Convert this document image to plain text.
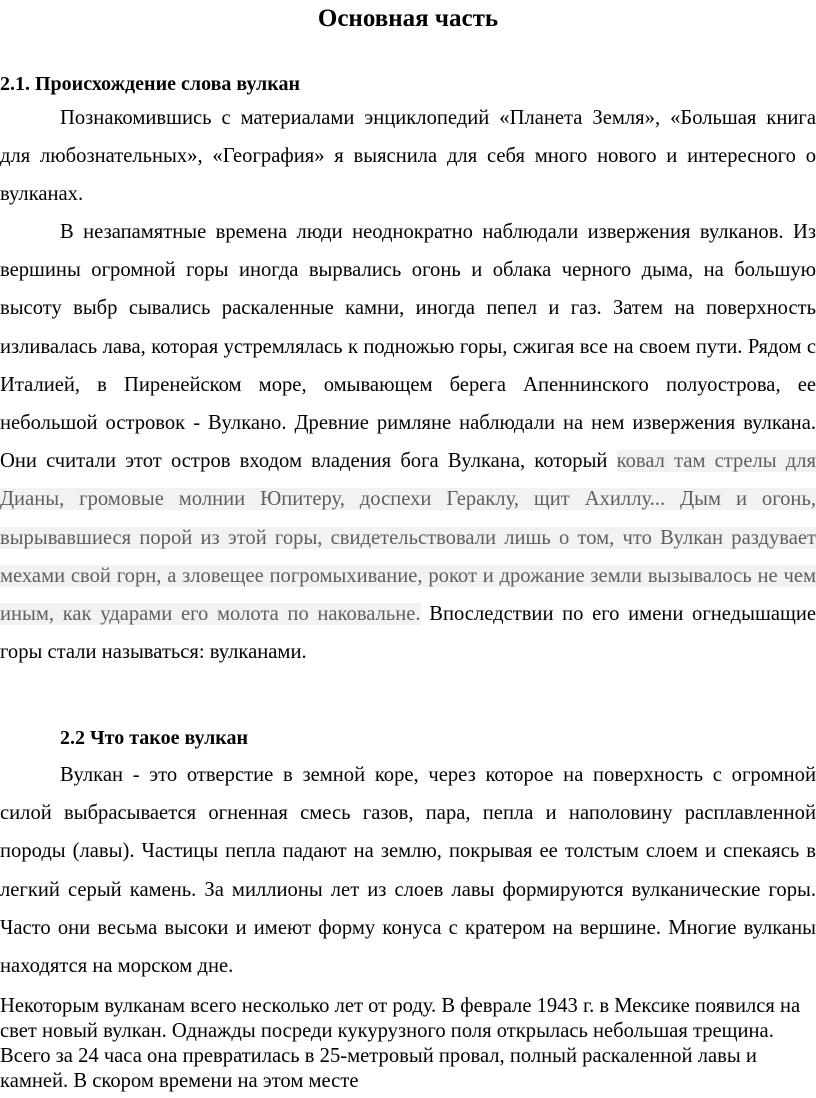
Основная часть
2.1. Происхождение слова вулкан

Познакомившись с материалами энциклопедий «Планета Земля», «Большая книга для любознательных», «География» я выяснила для себя много нового и интересного о вулканах.

В незапамятные времена люди неоднократно наблюдали извержения вулканов. Из вершины огромной горы иногда вырвались огонь и облака черного дыма, на большую высоту выбр сывались раскаленные камни, иногда пепел и газ. Затем на поверхность изливалась лава, которая устремлялась к подножью горы, сжигая все на своем пути. Рядом с Италией, в Пиренейском море, омывающем берега Апеннинского полуострова, ее небольшой островок - Вулкано. Древние римляне наблюдали на нем извержения вулкана. Они считали этот остров входом владения бога Вулкана, который ковал там стрелы для Дианы, громовые молнии Юпитеру, доспехи Гераклу, щит Ахиллу... Дым и огонь, вырывавшиеся порой из этой горы, свидетельствовали лишь о том, что Вулкан раздувает мехами свой горн, а зловещее погромыхивание, рокот и дрожание земли вызывалось не чем иным, как ударами его молота по наковальне. Впоследствии по его имени огнедышащие горы стали называться: вулканами.

2.2 Что такое вулкан

Вулкан - это отверстие в земной коре, через которое на поверхность с огромной силой выбрасывается огненная смесь газов, пара, пепла и наполовину расплавленной породы (лавы). Частицы пепла падают на землю, покрывая ее толстым слоем и спекаясь в легкий серый камень. За миллионы лет из слоев лавы формируются вулканические горы. Часто они весьма высоки и имеют форму конуса с кратером на вершине. Многие вулканы находятся на морском дне.

Некоторым вулканам всего несколько лет от роду. В феврале 1943 г. в Мексике появился на свет новый вулкан. Однажды посреди кукурузного поля открылась небольшая трещина. Всего за 24 часа она превратилась в 25-метровый провал, полный раскаленной лавы и камней. В скором времени на этом месте
